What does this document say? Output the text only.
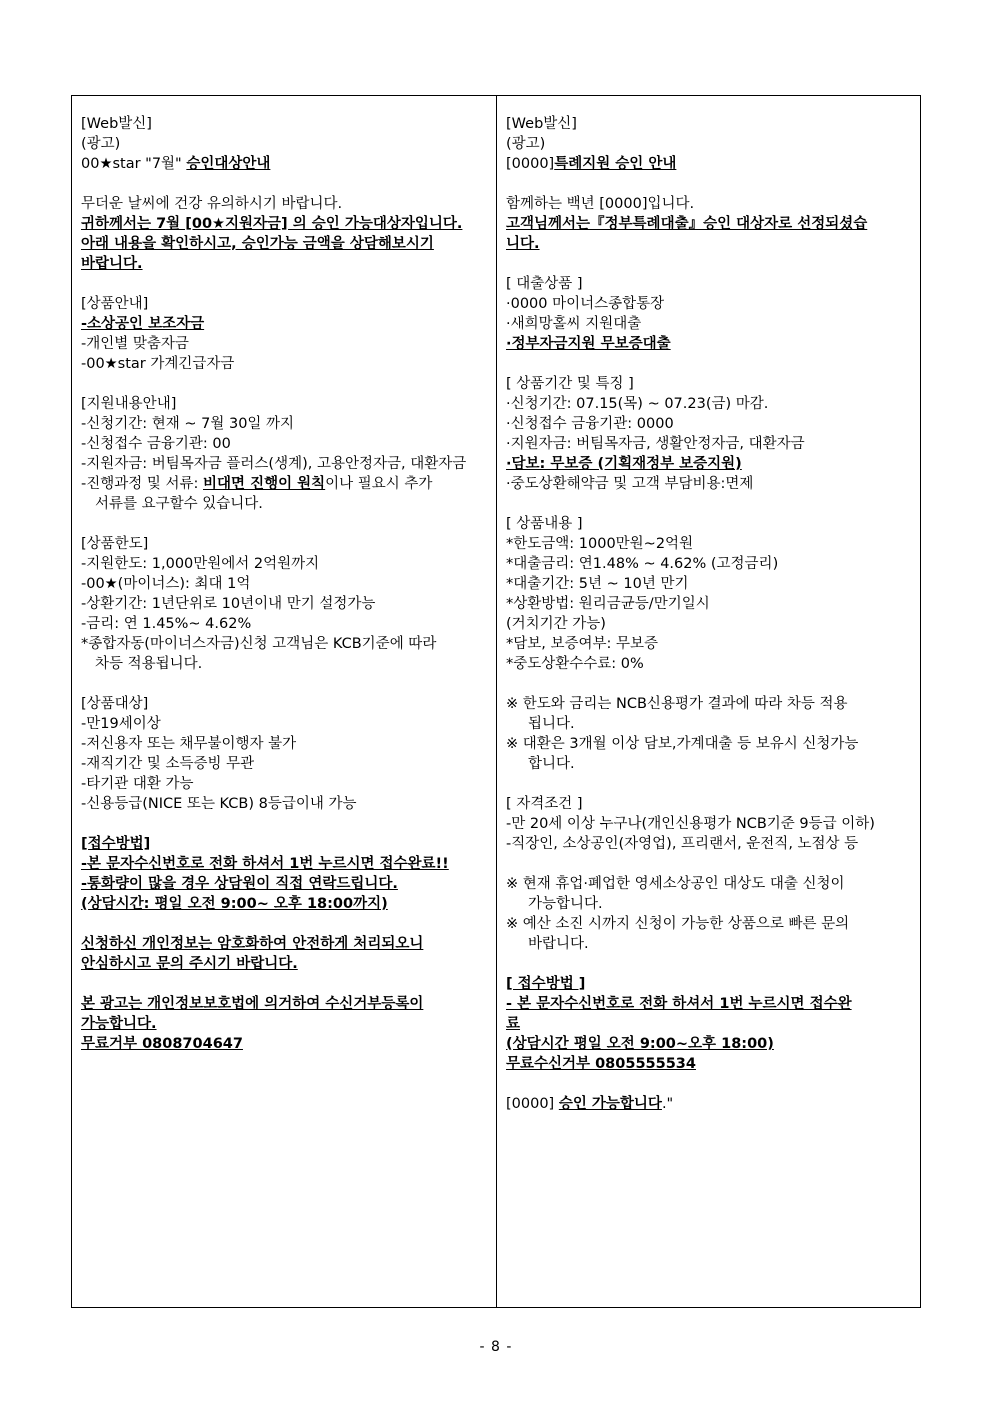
[Web발신]

(광고)

00★star "7월" 승인대상안내

무더운 날씨에 건강 유의하시기 바랍니다.

귀하께서는 7월 [00★지원자금] 의 승인 가능대상자입니다.

아래 내용을 확인하시고, 승인가능 금액을 상담해보시기

바랍니다.

[상품안내]

-소상공인 보조자금

-개인별 맞춤자금

-00★star 가계긴급자금

[지원내용안내]

-신청기간: 현재 ~ 7월 30일 까지

-신청접수 금융기관: 00

-지원자금: 버팀목자금 플러스(생계), 고용안정자금, 대환자금

-진행과정 및 서류: 비대면 진행이 원칙이나 필요시 추가

서류를 요구할수 있습니다.

[상품한도]

-지원한도: 1,000만원에서 2억원까지

-00★(마이너스): 최대 1억

-상환기간: 1년단위로 10년이내 만기 설정가능

-금리: 연 1.45%~ 4.62%

*종합자동(마이너스자금)신청 고객님은 KCB기준에 따라

차등 적용됩니다.

[상품대상]

-만19세이상

-저신용자 또는 채무불이행자 불가

-재직기간 및 소득증빙 무관

-타기관 대환 가능

-신용등급(NICE 또는 KCB) 8등급이내 가능

[접수방법]

-본 문자수신번호로 전화 하셔서 1번 누르시면 접수완료!!

-통화량이 많을 경우 상담원이 직접 연락드립니다.

(상담시간: 평일 오전 9:00~ 오후 18:00까지)

신청하신 개인정보는 암호화하여 안전하게 처리되오니

안심하시고 문의 주시기 바랍니다.

본 광고는 개인정보보호법에 의거하여 수신거부등록이

가능합니다.

무료거부 0808704647

[Web발신]

(광고)

[0000]특례지원 승인 안내

함께하는 백년 [0000]입니다.

고객님께서는『정부특례대출』승인 대상자로 선정되셨습

니다.

[ 대출상품 ]

·0000 마이너스종합통장

·새희망홀씨 지원대출

·정부자금지원 무보증대출

[ 상품기간 및 특징 ]

·신청기간: 07.15(목) ~ 07.23(금) 마감.

·신청접수 금융기관: 0000

·지원자금: 버팀목자금, 생활안정자금, 대환자금

·담보: 무보증 (기획재정부 보증지원)

·중도상환해약금 및 고객 부담비용:면제

[ 상품내용 ]

*한도금액: 1000만원~2억원

*대출금리: 연1.48% ~ 4.62% (고정금리)

*대출기간: 5년 ~ 10년 만기

*상환방법: 원리금균등/만기일시

(거치기간 가능)

*담보, 보증여부: 무보증

*중도상환수수료: 0%

※ 한도와 금리는 NCB신용평가 결과에 따라 차등 적용

됩니다.

※ 대환은 3개월 이상 담보,가계대출 등 보유시 신청가능

합니다.

[ 자격조건 ]

-만 20세 이상 누구나(개인신용평가 NCB기준 9등급 이하)

-직장인, 소상공인(자영업), 프리랜서, 운전직, 노점상 등

※ 현재 휴업·폐업한 영세소상공인 대상도 대출 신청이

가능합니다.

※ 예산 소진 시까지 신청이 가능한 상품으로 빠른 문의

바랍니다.

[ 접수방법 ]

- 본 문자수신번호로 전화 하셔서 1번 누르시면 접수완

료

(상담시간 평일 오전 9:00~오후 18:00)

무료수신거부 0805555534

[0000] 승인 가능합니다."

- 8 -
